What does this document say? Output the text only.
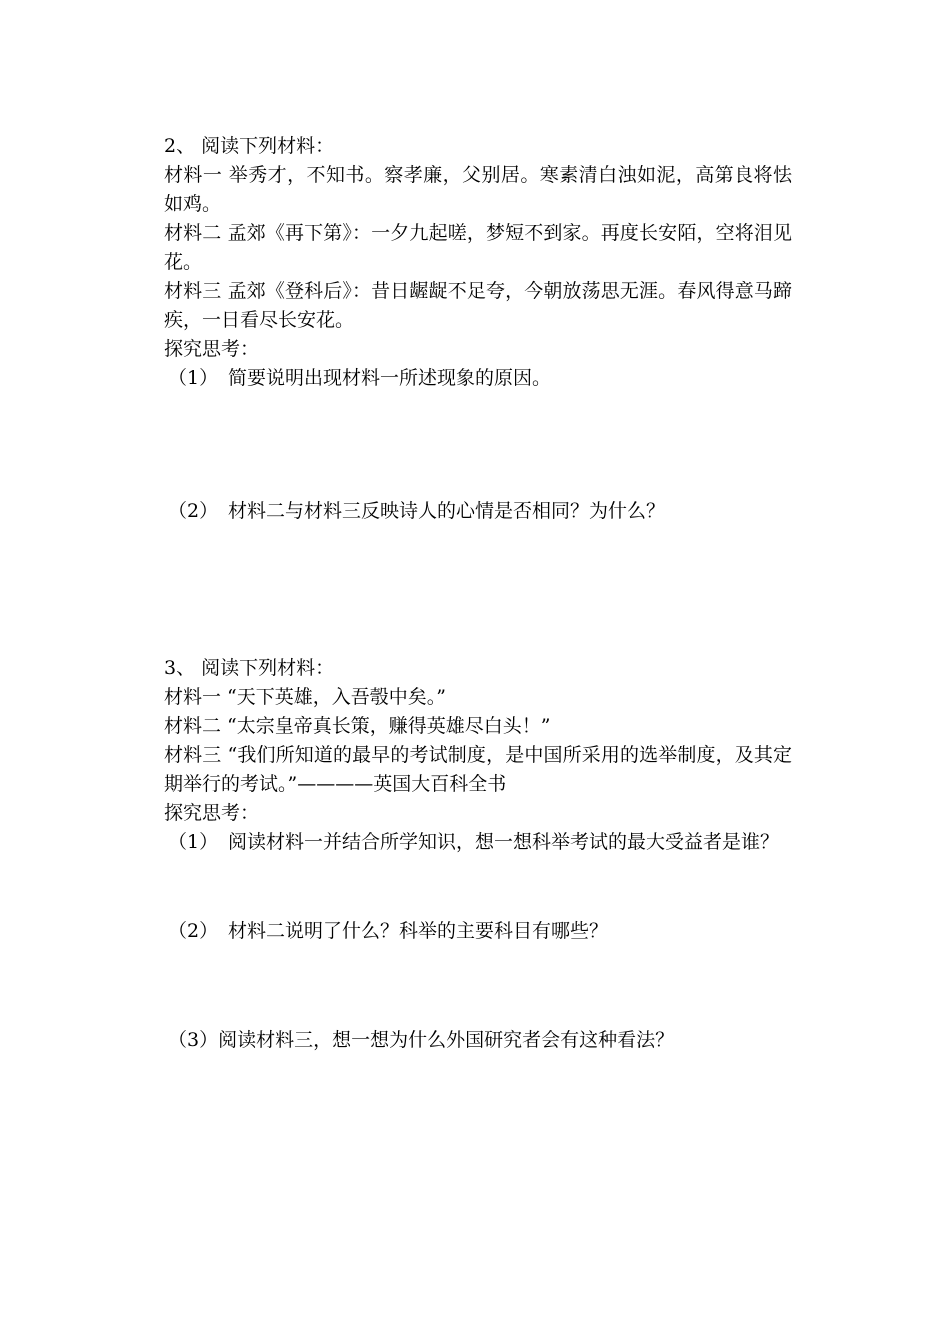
2、 阅读下列材料：
材料一 举秀才，不知书。察孝廉，父别居。寒素清白浊如泥，高第良将怯如鸡。
材料二 孟郊《再下第》：一夕九起嗟，梦短不到家。再度长安陌，空将泪见花。
材料三 孟郊《登科后》：昔日龌龊不足夸，今朝放荡思无涯。春风得意马蹄疾，一日看尽长安花。
探究思考：
（1） 简要说明出现材料一所述现象的原因。
（2） 材料二与材料三反映诗人的心情是否相同？为什么？
3、 阅读下列材料：
材料一 “天下英雄，入吾彀中矣。”
材料二 “太宗皇帝真长策，赚得英雄尽白头！”
材料三 “我们所知道的最早的考试制度，是中国所采用的选举制度，及其定期举行的考试。”————英国大百科全书
探究思考：
（1） 阅读材料一并结合所学知识，想一想科举考试的最大受益者是谁？
（2） 材料二说明了什么？科举的主要科目有哪些？
（3）阅读材料三，想一想为什么外国研究者会有这种看法？
